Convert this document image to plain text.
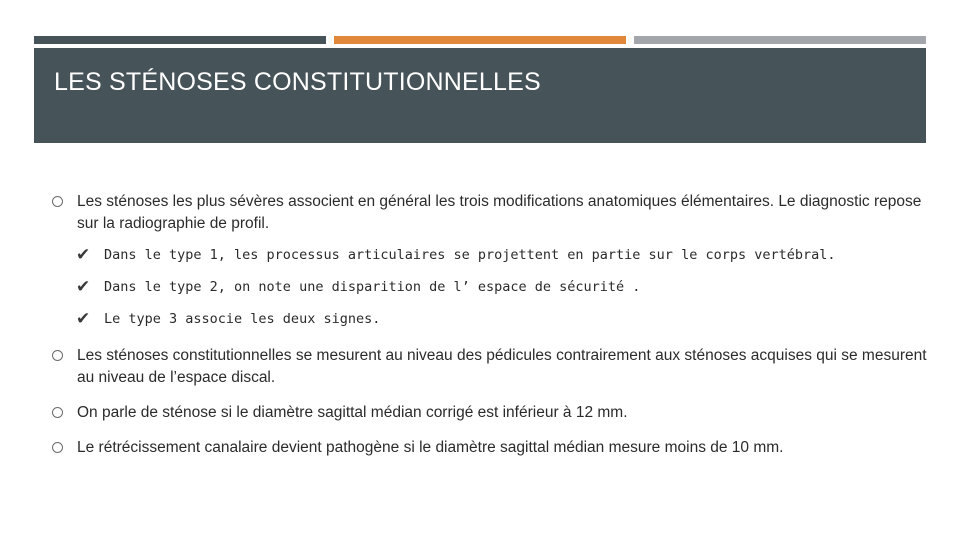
LES STÉNOSES CONSTITUTIONNELLES
Les sténoses les plus sévères associent en général les trois modifications anatomiques élémentaires. Le diagnostic repose sur la radiographie de profil.
✔ Dans le type 1, les processus articulaires se projettent en partie sur le corps vertébral.
✔ Dans le type 2, on note une disparition de l’ espace de sécurité .
✔ Le type 3 associe les deux signes.
Les sténoses constitutionnelles se mesurent au niveau des pédicules contrairement aux sténoses acquises qui se mesurent au niveau de l’espace discal.
On parle de sténose si le diamètre sagittal médian corrigé est inférieur à 12 mm.
Le rétrécissement canalaire devient pathogène si le diamètre sagittal médian mesure moins de 10 mm.
